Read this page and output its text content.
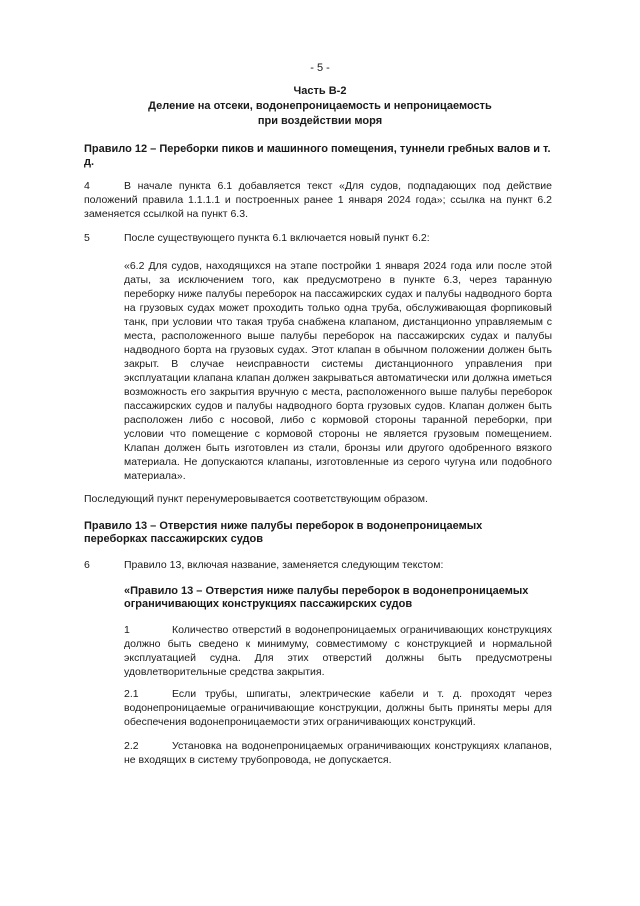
- 5 -
Часть B-2
Деление на отсеки, водонепроницаемость и непроницаемость
при воздействии моря
Правило 12 – Переборки пиков и машинного помещения, туннели гребных валов и т. д.
4	В начале пункта 6.1 добавляется текст «Для судов, подпадающих под действие положений правила 1.1.1.1 и построенных ранее 1 января 2024 года»; ссылка на пункт 6.2 заменяется ссылкой на пункт 6.3.
5	После существующего пункта 6.1 включается новый пункт 6.2:
«6.2 Для судов, находящихся на этапе постройки 1 января 2024 года или после этой даты, за исключением того, как предусмотрено в пункте 6.3, через таранную переборку ниже палубы переборок на пассажирских судах и палубы надводного борта на грузовых судах может проходить только одна труба, обслуживающая форпиковый танк, при условии что такая труба снабжена клапаном, дистанционно управляемым с места, расположенного выше палубы переборок на пассажирских судах и палубы надводного борта на грузовых судах. Этот клапан в обычном положении должен быть закрыт. В случае неисправности системы дистанционного управления при эксплуатации клапана клапан должен закрываться автоматически или должна иметься возможность его закрытия вручную с места, расположенного выше палубы переборок пассажирских судов и палубы надводного борта грузовых судов. Клапан должен быть расположен либо с носовой, либо с кормовой стороны таранной переборки, при условии что помещение с кормовой стороны не является грузовым помещением. Клапан должен быть изготовлен из стали, бронзы или другого одобренного вязкого материала. Не допускаются клапаны, изготовленные из серого чугуна или подобного материала».
Последующий пункт перенумеровывается соответствующим образом.
Правило 13 – Отверстия ниже палубы переборок в водонепроницаемых переборках пассажирских судов
6	Правило 13, включая название, заменяется следующим текстом:
«Правило 13 – Отверстия ниже палубы переборок в водонепроницаемых ограничивающих конструкциях пассажирских судов
1	Количество отверстий в водонепроницаемых ограничивающих конструкциях должно быть сведено к минимуму, совместимому с конструкцией и нормальной эксплуатацией судна. Для этих отверстий должны быть предусмотрены удовлетворительные средства закрытия.
2.1	Если трубы, шпигаты, электрические кабели и т. д. проходят через водонепроницаемые ограничивающие конструкции, должны быть приняты меры для обеспечения водонепроницаемости этих ограничивающих конструкций.
2.2	Установка на водонепроницаемых ограничивающих конструкциях клапанов, не входящих в систему трубопровода, не допускается.
